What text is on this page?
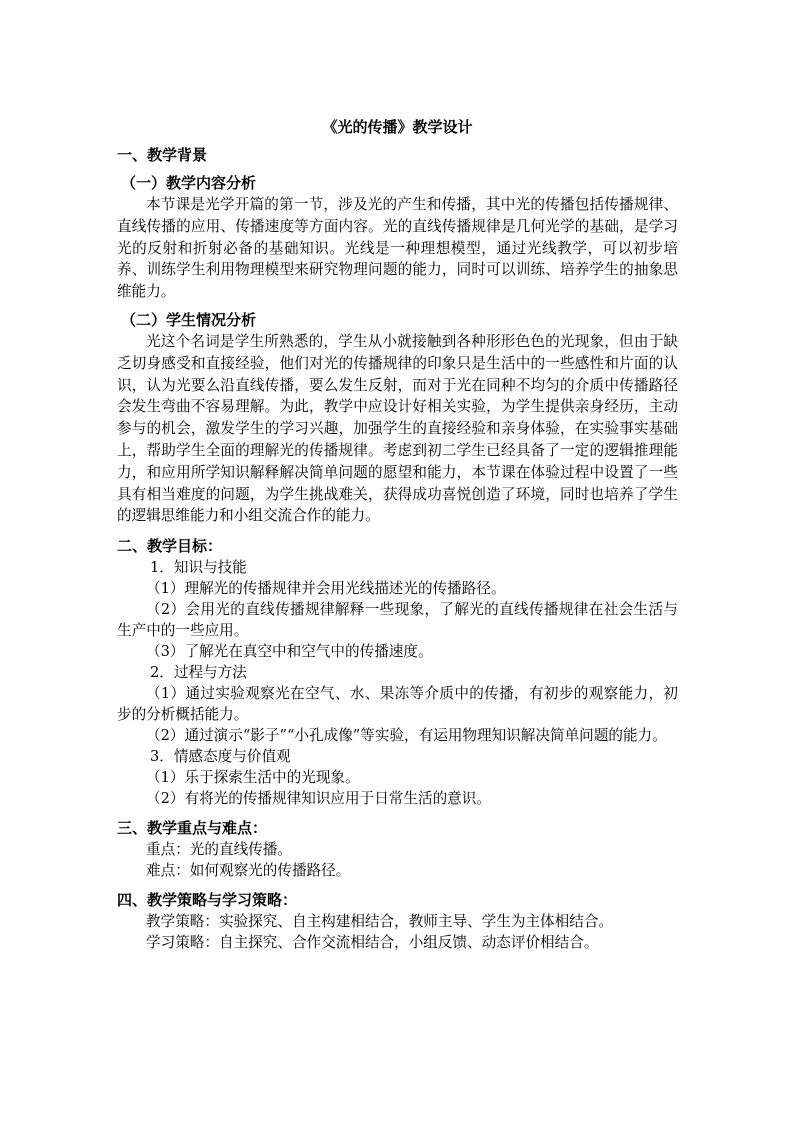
《光的传播》教学设计
一、教学背景
（一）教学内容分析

本节课是光学开篇的第一节，涉及光的产生和传播，其中光的传播包括传播规律、直线传播的应用、传播速度等方面内容。光的直线传播规律是几何光学的基础，是学习光的反射和折射必备的基础知识。光线是一种理想模型，通过光线教学，可以初步培养、训练学生利用物理模型来研究物理问题的能力，同时可以训练、培养学生的抽象思维能力。

（二）学生情况分析

光这个名词是学生所熟悉的，学生从小就接触到各种形形色色的光现象，但由于缺乏切身感受和直接经验，他们对光的传播规律的印象只是生活中的一些感性和片面的认识，认为光要么沿直线传播，要么发生反射，而对于光在同种不均匀的介质中传播路径会发生弯曲不容易理解。为此，教学中应设计好相关实验，为学生提供亲身经历，主动参与的机会，激发学生的学习兴趣，加强学生的直接经验和亲身体验，在实验事实基础上，帮助学生全面的理解光的传播规律。考虑到初二学生已经具备了一定的逻辑推理能力，和应用所学知识解释解决简单问题的愿望和能力，本节课在体验过程中设置了一些具有相当难度的问题，为学生挑战难关，获得成功喜悦创造了环境，同时也培养了学生的逻辑思维能力和小组交流合作的能力。

二、教学目标：
1．知识与技能
（1）理解光的传播规律并会用光线描述光的传播路径。
（2）会用光的直线传播规律解释一些现象，了解光的直线传播规律在社会生活与生产中的一些应用。
（3）了解光在真空中和空气中的传播速度。
2．过程与方法
（1）通过实验观察光在空气、水、果冻等介质中的传播，有初步的观察能力，初步的分析概括能力。
（2）通过演示“影子”“小孔成像”等实验，有运用物理知识解决简单问题的能力。
3．情感态度与价值观
（1）乐于探索生活中的光现象。
（2）有将光的传播规律知识应用于日常生活的意识。
三、教学重点与难点：
重点：光的直线传播。
难点：如何观察光的传播路径。
四、教学策略与学习策略：
教学策略：实验探究、自主构建相结合，教师主导、学生为主体相结合。
学习策略：自主探究、合作交流相结合，小组反馈、动态评价相结合。
